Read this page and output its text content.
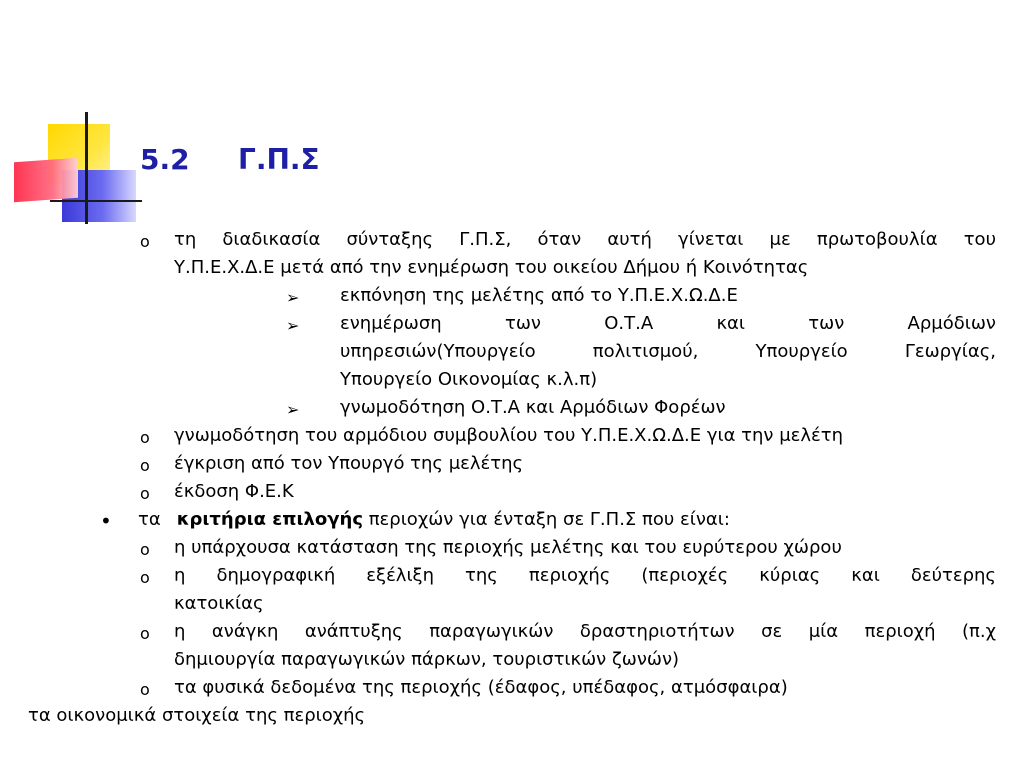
5.2 Γ.Π.Σ
o τη διαδικασία σύνταξης Γ.Π.Σ, όταν αυτή γίνεται με πρωτοβουλία του
Υ.Π.Ε.Χ.Δ.Ε μετά από την ενημέρωση του οικείου Δήμου ή Κοινότητας
➢ εκπόνηση της μελέτης από το Υ.Π.Ε.Χ.Ω.Δ.Ε
➢ ενημέρωση των Ο.Τ.Α και των Αρμόδιων
υπηρεσιών(Υπουργείο πολιτισμού, Υπουργείο Γεωργίας,
Υπουργείο Οικονομίας κ.λ.π)
➢ γνωμοδότηση Ο.Τ.Α και Αρμόδιων Φορέων
o γνωμοδότηση του αρμόδιου συμβουλίου του Υ.Π.Ε.Χ.Ω.Δ.Ε για την μελέτη
o έγκριση από τον Υπουργό της μελέτης
o έκδοση Φ.Ε.Κ
• τα κριτήρια επιλογής περιοχών για ένταξη σε Γ.Π.Σ που είναι:
o η υπάρχουσα κατάσταση της περιοχής μελέτης και του ευρύτερου χώρου
o η δημογραφική εξέλιξη της περιοχής (περιοχές κύριας και δεύτερης
κατοικίας
o η ανάγκη ανάπτυξης παραγωγικών δραστηριοτήτων σε μία περιοχή (π.χ
δημιουργία παραγωγικών πάρκων, τουριστικών ζωνών)
o τα φυσικά δεδομένα της περιοχής (έδαφος, υπέδαφος, ατμόσφαιρα)
τα οικονομικά στοιχεία της περιοχής
